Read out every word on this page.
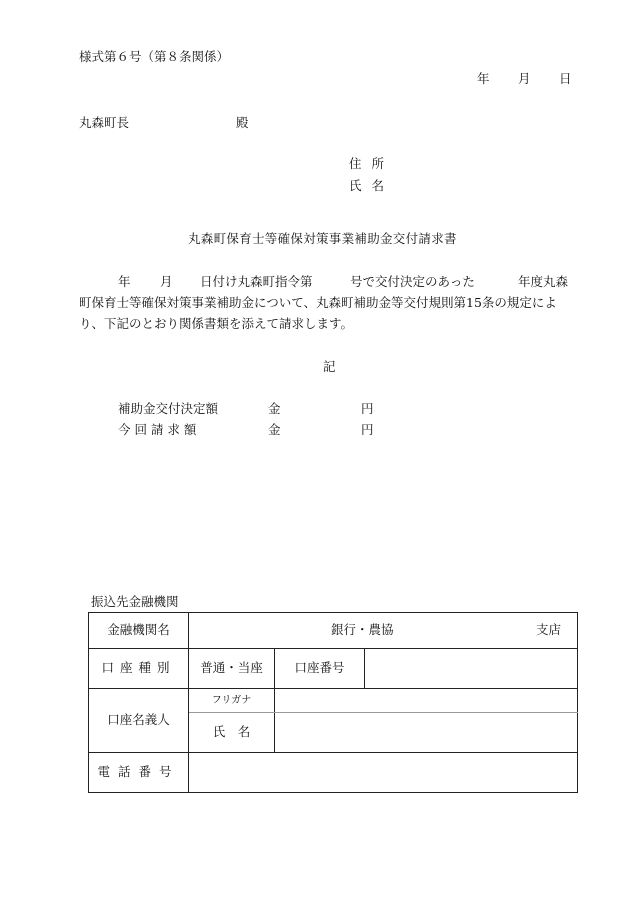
様式第６号（第８条関係）
年 月 日
丸森町長	殿
住所
氏名
丸森町保育士等確保対策事業補助金交付請求書
年 月 日付け丸森町指令第	号で交付決定のあった	年度丸森
町保育士等確保対策事業補助金について、丸森町補助金等交付規則第15条の規定によ
り、下記のとおり関係書類を添えて請求します。
記
補助金交付決定額	金	円
今 回 請 求 額	金	円
振込先金融機関
金融機関名	銀行・農協 支店		

口座種別	普通・当座	口座番号	
口座名義人	フリガナ		
	氏　名		
電話番号			
